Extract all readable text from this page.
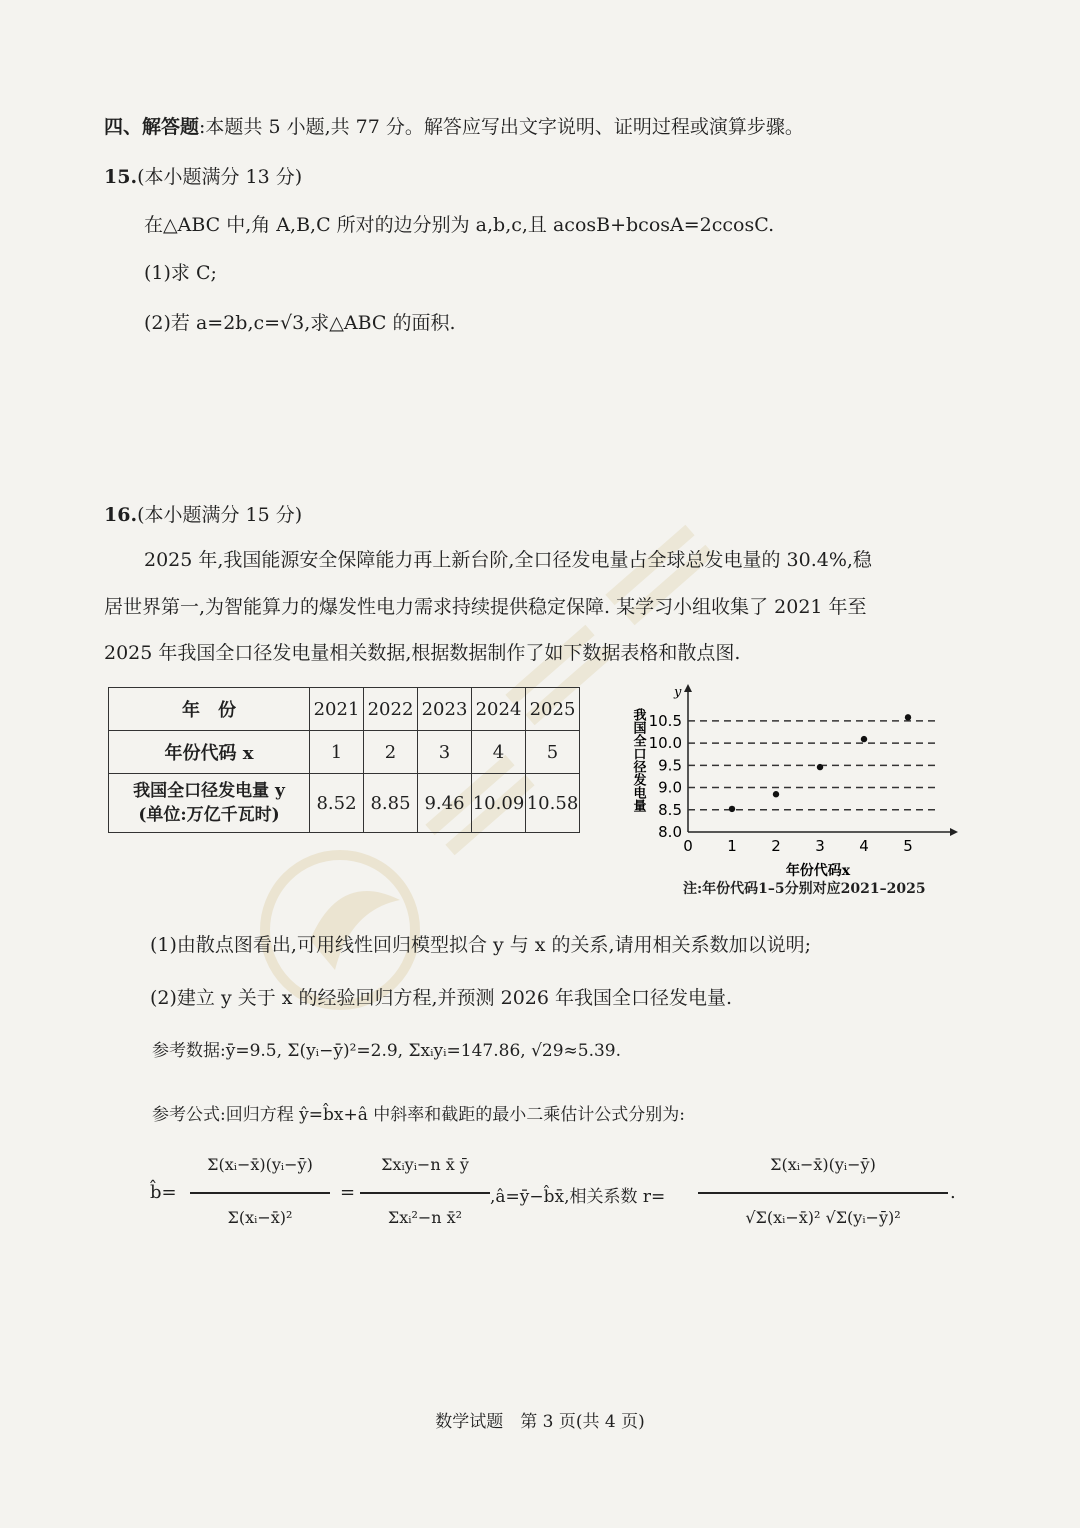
四、解答题:本题共 5 小题,共 77 分。解答应写出文字说明、证明过程或演算步骤。
15.(本小题满分 13 分)
在△ABC 中,角 A,B,C 所对的边分别为 a,b,c,且 acosB+bcosA=2ccosC.
(1)求 C;
(2)若 a=2b,c=√3,求△ABC 的面积.
16.(本小题满分 15 分)
2025 年,我国能源安全保障能力再上新台阶,全口径发电量占全球总发电量的 30.4%,稳
居世界第一,为智能算力的爆发性电力需求持续提供稳定保障. 某学习小组收集了 2021 年至
2025 年我国全口径发电量相关数据,根据数据制作了如下数据表格和散点图.
年　份	2021	2022	2023	2024	2025
年份代码 x	1	2	3	4	5

我国全口径发电量 y
(单位:万亿千瓦时)	8.52	8.85	9.46	10.09	10.58
y
8.0
8.5
9.0
9.5
10.0
10.5
0 1 2 3 4 5
年份代码x
我国全口径发电量
注:年份代码1–5分别对应2021–2025
(1)由散点图看出,可用线性回归模型拟合 y 与 x 的关系,请用相关系数加以说明;
(2)建立 y 关于 x 的经验回归方程,并预测 2026 年我国全口径发电量.
参考数据:ȳ=9.5, Σ(yᵢ−ȳ)²=2.9, Σxᵢyᵢ=147.86, √29≈5.39.
参考公式:回归方程 ŷ=b̂x+â 中斜率和截距的最小二乘估计公式分别为:
b̂=
Σ(xᵢ−x̄)(yᵢ−ȳ)
Σ(xᵢ−x̄)²
=
Σxᵢyᵢ−n x̄ ȳ
Σxᵢ²−n x̄²
,â=ȳ−b̂x̄,相关系数 r=
Σ(xᵢ−x̄)(yᵢ−ȳ)
√Σ(xᵢ−x̄)² √Σ(yᵢ−ȳ)²
.
数学试题　第 3 页(共 4 页)
